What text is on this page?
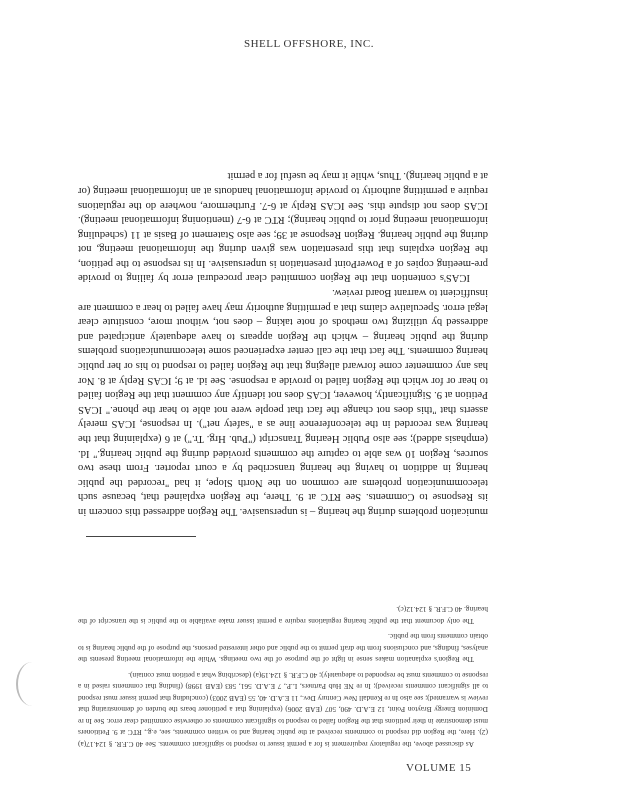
SHELL OFFSHORE, INC.

munication problems during the hearing – is unpersuasive. The Region addressed this concern in its Response to Comments. See RTC at 9. There, the Region explained that, because such telecommunication problems are common on the North Slope, it had "recorded the public hearing in addition to having the hearing transcribed by a court reporter. From these two sources, Region 10 was able to capture the comments provided during the public hearing." Id. (emphasis added); see also Public Hearing Transcript ("Pub. Hrg. Tr.") at 6 (explaining that the hearing was recorded in the teleconference line as a "safety net"). In response, ICAS merely asserts that "this does not change the fact that people were not able to hear the phone." ICAS Petition at 9. Significantly, however, ICAS does not identify any comment that the Region failed to hear or for which the Region failed to provide a response. See id. at 9; ICAS Reply at 8. Nor has any commenter come forward alleging that the Region failed to respond to his or her public hearing comments. The fact that the call center experienced some telecommunications problems during the public hearing – which the Region appears to have adequately anticipated and addressed by utilizing two methods of note taking – does not, without more, constitute clear legal error. Speculative claims that a permitting authority may have failed to hear a comment are insufficient to warrant Board review.

ICAS's contention that the Region committed clear procedural error by failing to provide pre-meeting copies of a PowerPoint presentation is unpersuasive. In its response to the petition, the Region explains that this presentation was given during the informational meeting, not during the public hearing. Region Response at 39; see also Statement of Basis at 11 (scheduling informational meeting prior to public hearing); RTC at 6-7 (mentioning informational meeting). ICAS does not dispute this. See ICAS Reply at 6-7. Furthermore, nowhere do the regulations require a permitting authority to provide informational handouts at an informational meeting (or at a public hearing). Thus, while it may be useful for a permit

As discussed above, the regulatory requirement is for a permit issuer to respond to significant comments. See 40 C.F.R. § 124.17(a)(2). Here, the Region did respond to comments received at the public hearing and to written comments, see, e.g., RTC at 9. Petitioners must demonstrate in their petitions that the Region failed to respond to significant comments or otherwise committed clear error. See In re Dominion Energy Brayton Point, 12 E.A.D. 490, 507 (EAB 2006) (explaining that a petitioner bears the burden of demonstrating that review is warranted); see also In re Kendall New Century Dev., 11 E.A.D. 40, 55 (EAB 2003) (concluding that permit issuer must respond to all significant comments received); In re NE Hub Partners, L.P., 7 E.A.D. 561, 583 (EAB 1998) (finding that comments raised in a response to comments must be responded to adequately); 40 C.F.R. § 124.19(a) (describing what a petition must contain).

The Region's explanation makes sense in light of the purpose of the two meetings. While the informational meeting presents the analyses, findings, and conclusions from the draft permit to the public and other interested persons, the purpose of the public hearing is to obtain comments from the public.

The only document that the public hearing regulations require a permit issuer make available to the public is the transcript of the hearing. 40 C.F.R. § 124.12(c).

VOLUME 15
